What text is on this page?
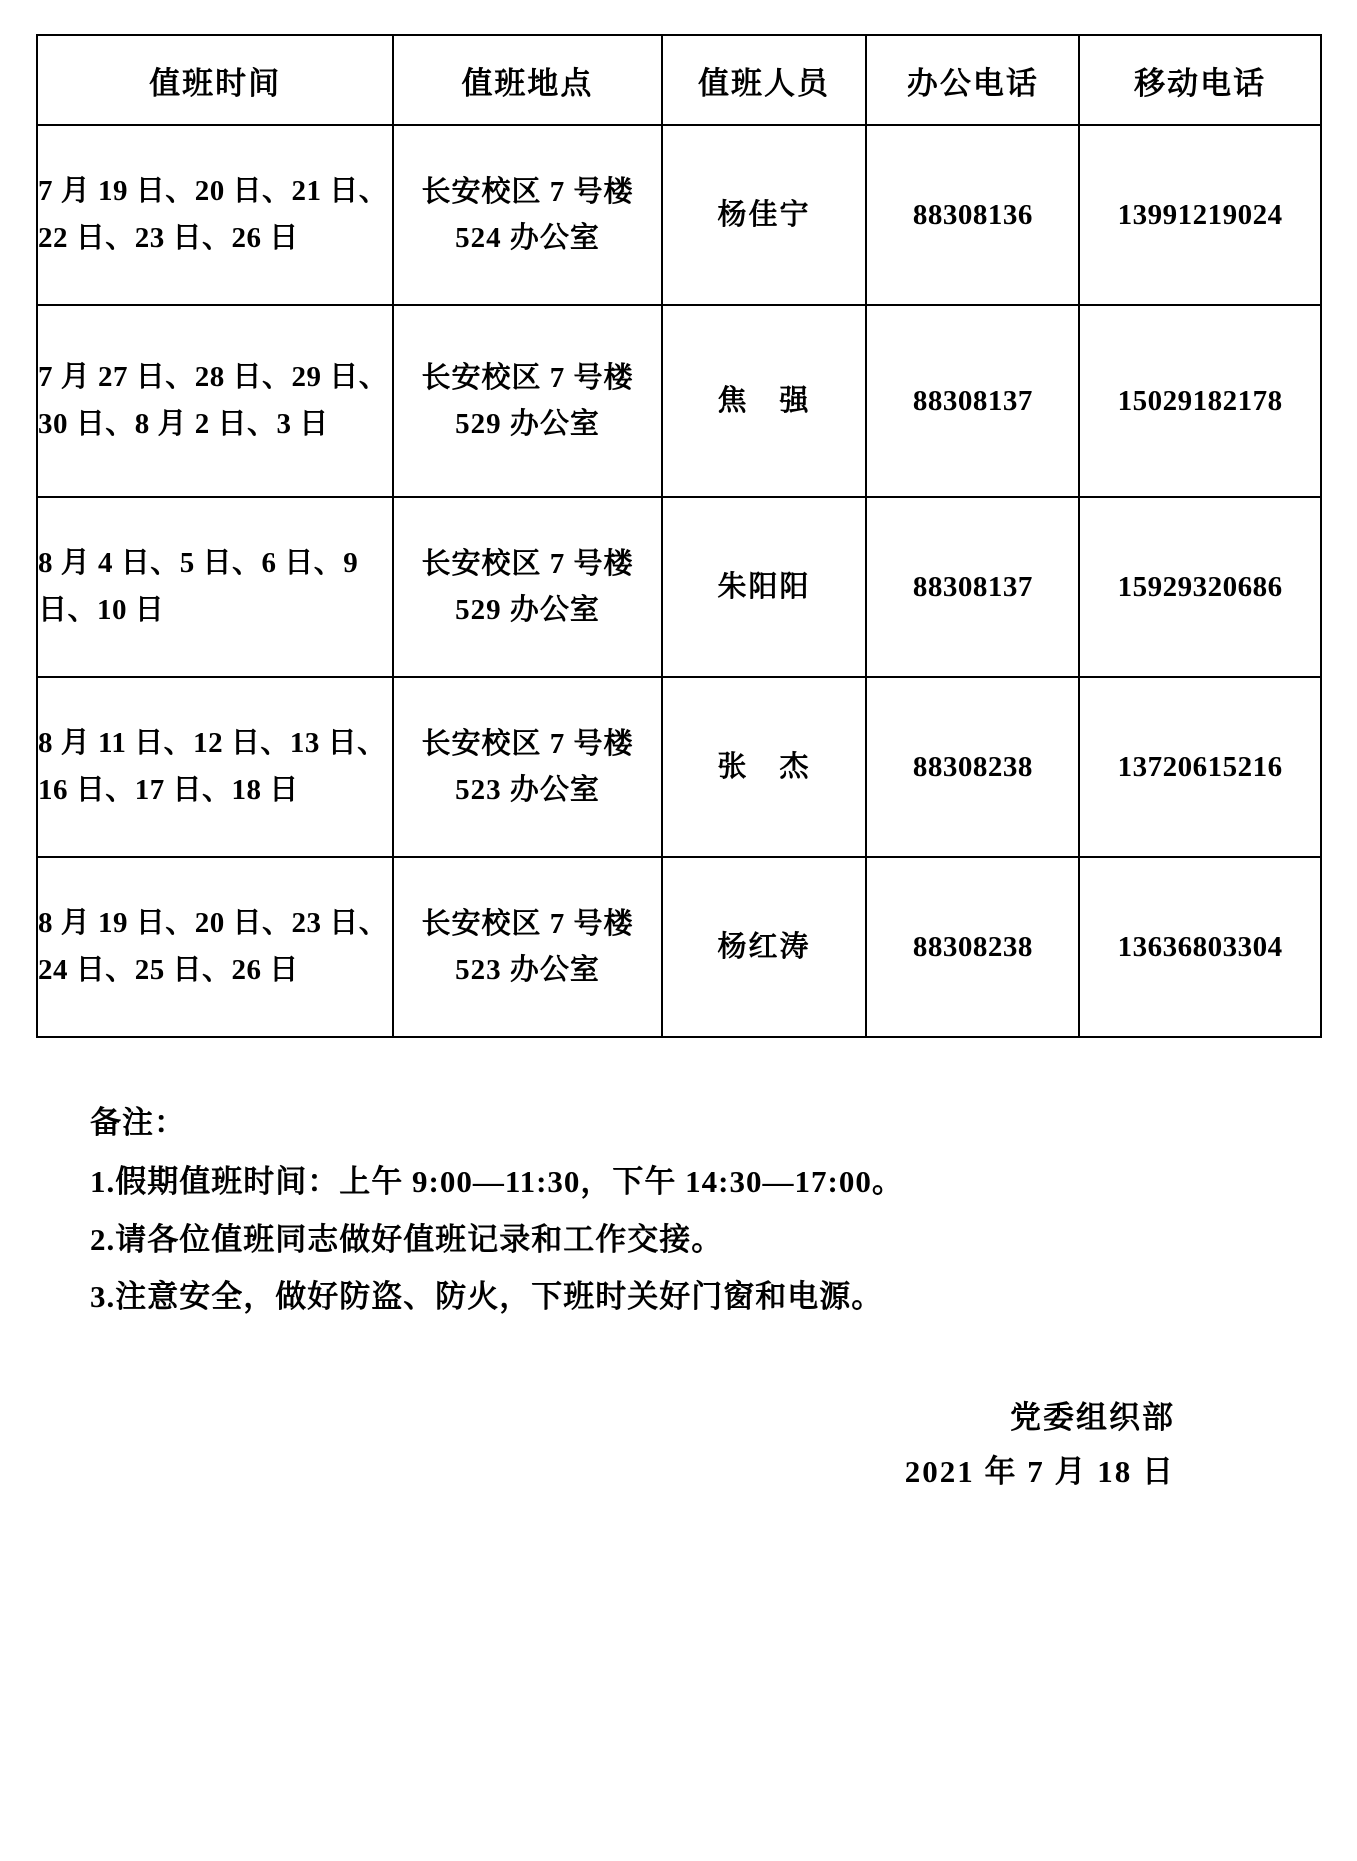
值班时间	值班地点	值班人员	办公电话	移动电话
7 月 19 日、20 日、21 日、22 日、23 日、26 日	长安校区 7 号楼 524 办公室	杨佳宁	88308136	13991219024
7 月 27 日、28 日、29 日、30 日、8 月 2 日、3 日	长安校区 7 号楼 529 办公室	焦　强	88308137	15029182178
8 月 4 日、5 日、6 日、9 日、10 日	长安校区 7 号楼 529 办公室	朱阳阳	88308137	15929320686
8 月 11 日、12 日、13 日、16 日、17 日、18 日	长安校区 7 号楼 523 办公室	张　杰	88308238	13720615216
8 月 19 日、20 日、23 日、24 日、25 日、26 日	长安校区 7 号楼 523 办公室	杨红涛	88308238	13636803304
备注：
1.假期值班时间：上午 9:00—11:30，下午 14:30—17:00。
2.请各位值班同志做好值班记录和工作交接。
3.注意安全，做好防盗、防火，下班时关好门窗和电源。
党委组织部
2021 年 7 月 18 日
